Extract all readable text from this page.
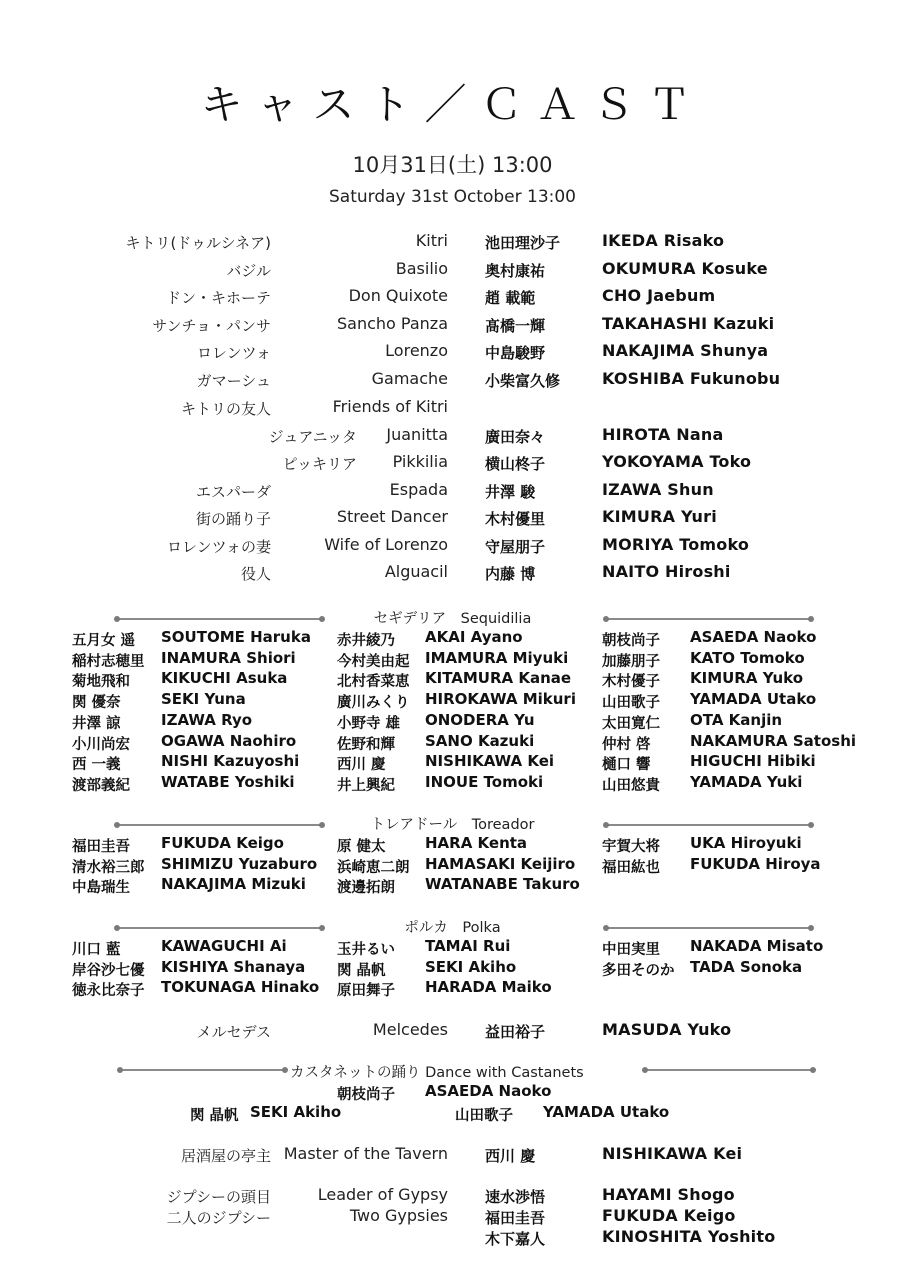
キャスト／ＣＡＳＴ
10月31日(土) 13:00
Saturday 31st October 13:00
キトリ(ドゥルシネア)	Kitri 池田理沙子	IKEDA Risako
バジル	Basilio 奥村康祐	OKUMURA Kosuke
ドン・キホーテ	Don Quixote 趙 載範	CHO Jaebum
サンチョ・パンサ	Sancho Panza 髙橋一輝	TAKAHASHI Kazuki
ロレンツォ	Lorenzo 中島駿野	NAKAJIMA Shunya
ガマーシュ	Gamache 小柴富久修	KOSHIBA Fukunobu
キトリの友人	Friends of Kitri
ジュアニッタ Juanitta 廣田奈々	HIROTA Nana
ピッキリア Pikkilia 横山柊子	YOKOYAMA Toko
エスパーダ	Espada 井澤 駿	IZAWA Shun
街の踊り子	Street Dancer 木村優里	KIMURA Yuri
ロレンツォの妻	Wife of Lorenzo 守屋朋子	MORIYA Tomoko
役人	Alguacil 内藤 博	NAITO Hiroshi
セギデリア　Sequidilia
五月女 遥 SOUTOME Haruka
稲村志穂里 INAMURA Shiori
菊地飛和 KIKUCHI Asuka
関 優奈	SEKI Yuna
井澤 諒	IZAWA Ryo
小川尚宏 OGAWA Naohiro
西 一義	NISHI Kazuyoshi
渡部義紀 WATABE Yoshiki
赤井綾乃 AKAI Ayano
今村美由起 IMAMURA Miyuki
北村香菜恵 KITAMURA Kanae
廣川みくり HIROKAWA Mikuri
小野寺 雄 ONODERA Yu
佐野和輝 SANO Kazuki
西川 慶	NISHIKAWA Kei
井上興紀 INOUE Tomoki
朝枝尚子 ASAEDA Naoko
加藤朋子 KATO Tomoko
木村優子 KIMURA Yuko
山田歌子 YAMADA Utako
太田寛仁 OTA Kanjin
仲村 啓	NAKAMURA Satoshi
樋口 響	HIGUCHI Hibiki
山田悠貴 YAMADA Yuki
トレアドール　Toreador
福田圭吾 FUKUDA Keigo
清水裕三郎 SHIMIZU Yuzaburo
中島瑞生 NAKAJIMA Mizuki
原 健太	HARA Kenta
浜崎恵二朗 HAMASAKI Keijiro
渡邊拓朗 WATANABE Takuro
宇賀大将 UKA Hiroyuki
福田紘也 FUKUDA Hiroya
ポルカ　Polka
川口 藍	KAWAGUCHI Ai
岸谷沙七優 KISHIYA Shanaya
徳永比奈子 TOKUNAGA Hinako
玉井るい TAMAI Rui
関 晶帆	SEKI Akiho
原田舞子 HARADA Maiko
中田実里 NAKADA Misato
多田そのか TADA Sonoka
メルセデス	Melcedes 益田裕子	MASUDA Yuko
カスタネットの踊り Dance with Castanets
朝枝尚子 ASAEDA Naoko
関 晶帆 SEKI Akiho	山田歌子 YAMADA Utako
居酒屋の亭主 Master of the Tavern 西川 慶	NISHIKAWA Kei
ジプシーの頭目	Leader of Gypsy 速水渉悟	HAYAMI Shogo
二人のジプシー	Two Gypsies 福田圭吾	FUKUDA Keigo
木下嘉人	KINOSHITA Yoshito
